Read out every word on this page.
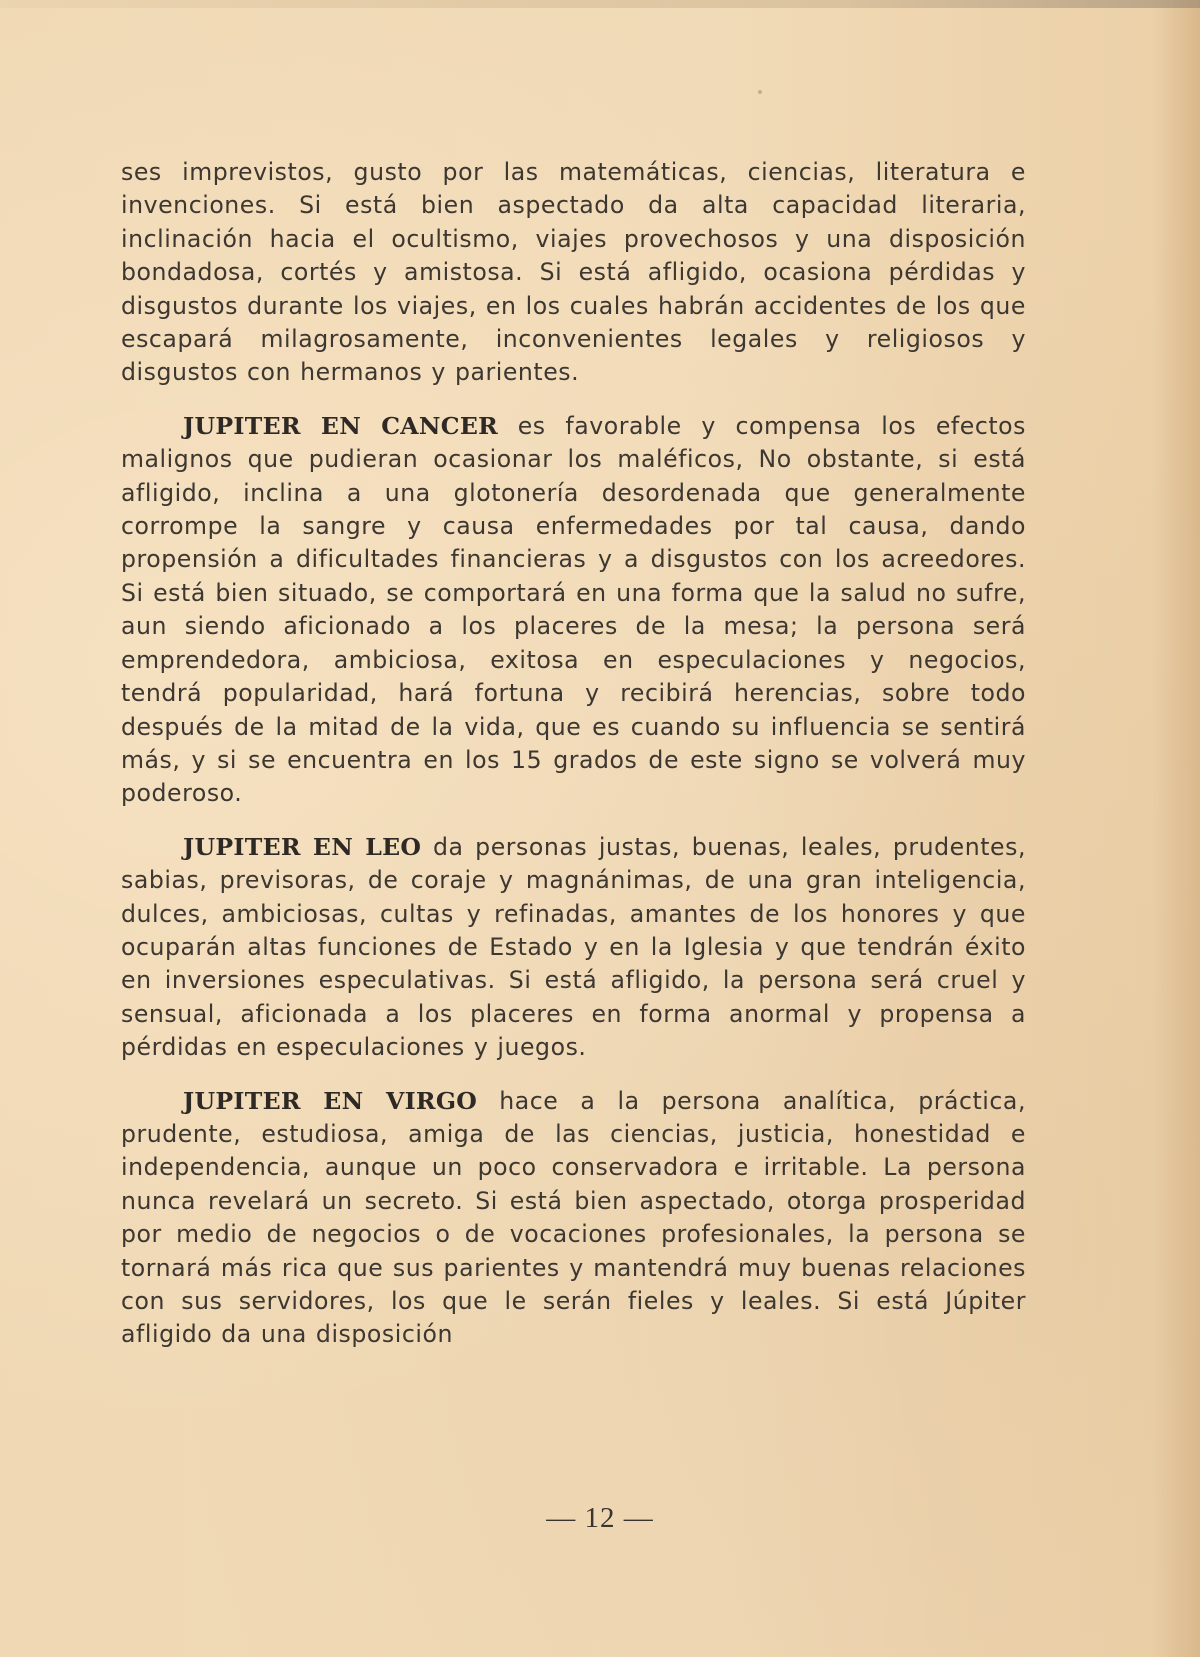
ses imprevistos, gusto por las matemáticas, ciencias, literatura e invenciones. Si está bien aspectado da alta capacidad literaria, inclinación hacia el ocultismo, viajes provechosos y una disposición bondadosa, cortés y amistosa. Si está afligido, ocasiona pérdidas y disgustos durante los viajes, en los cuales habrán accidentes de los que escapará milagrosamente, inconvenientes legales y religiosos y disgustos con hermanos y parientes.

JUPITER EN CANCER es favorable y compensa los efectos malignos que pudieran ocasionar los maléficos, No obstante, si está afligido, inclina a una glotonería desordenada que generalmente corrompe la sangre y causa enfermedades por tal causa, dando propensión a dificultades financieras y a disgustos con los acreedores. Si está bien situado, se comportará en una forma que la salud no sufre, aun siendo aficionado a los placeres de la mesa; la persona será emprendedora, ambiciosa, exitosa en especulaciones y negocios, tendrá popularidad, hará fortuna y recibirá herencias, sobre todo después de la mitad de la vida, que es cuando su influencia se sentirá más, y si se encuentra en los 15 grados de este signo se volverá muy poderoso.

JUPITER EN LEO da personas justas, buenas, leales, prudentes, sabias, previsoras, de coraje y magnánimas, de una gran inteligencia, dulces, ambiciosas, cultas y refinadas, amantes de los honores y que ocuparán altas funciones de Estado y en la Iglesia y que tendrán éxito en inversiones especulativas. Si está afligido, la persona será cruel y sensual, aficionada a los placeres en forma anormal y propensa a pérdidas en especulaciones y juegos.

JUPITER EN VIRGO hace a la persona analítica, práctica, prudente, estudiosa, amiga de las ciencias, justicia, honestidad e independencia, aunque un poco conservadora e irritable. La persona nunca revelará un secreto. Si está bien aspectado, otorga prosperidad por medio de negocios o de vocaciones profesionales, la persona se tornará más rica que sus parientes y mantendrá muy buenas relaciones con sus servidores, los que le serán fieles y leales. Si está Júpiter afligido da una disposición

— 12 —
